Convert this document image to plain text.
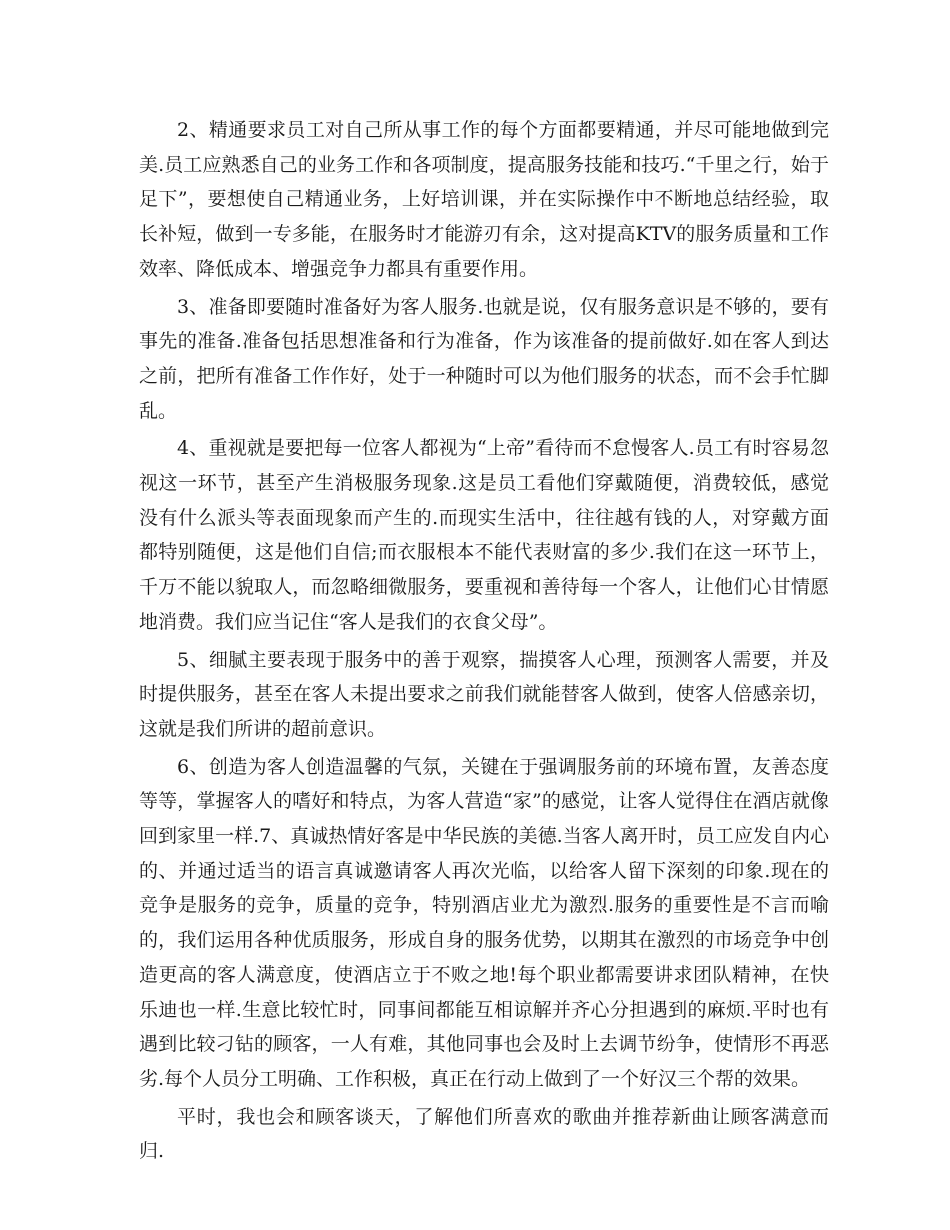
2、精通要求员工对自己所从事工作的每个方面都要精通，并尽可能地做到完美.员工应熟悉自己的业务工作和各项制度，提高服务技能和技巧.“千里之行，始于足下”，要想使自己精通业务，上好培训课，并在实际操作中不断地总结经验，取长补短，做到一专多能，在服务时才能游刃有余，这对提高KTV的服务质量和工作效率、降低成本、增强竞争力都具有重要作用。

3、准备即要随时准备好为客人服务.也就是说，仅有服务意识是不够的，要有事先的准备.准备包括思想准备和行为准备，作为该准备的提前做好.如在客人到达之前，把所有准备工作作好，处于一种随时可以为他们服务的状态，而不会手忙脚乱。

4、重视就是要把每一位客人都视为“上帝”看待而不怠慢客人.员工有时容易忽视这一环节，甚至产生消极服务现象.这是员工看他们穿戴随便，消费较低，感觉没有什么派头等表面现象而产生的.而现实生活中，往往越有钱的人，对穿戴方面都特别随便，这是他们自信;而衣服根本不能代表财富的多少.我们在这一环节上，千万不能以貌取人，而忽略细微服务，要重视和善待每一个客人，让他们心甘情愿地消费。我们应当记住“客人是我们的衣食父母”。

5、细腻主要表现于服务中的善于观察，揣摸客人心理，预测客人需要，并及时提供服务，甚至在客人未提出要求之前我们就能替客人做到，使客人倍感亲切，这就是我们所讲的超前意识。

6、创造为客人创造温馨的气氛，关键在于强调服务前的环境布置，友善态度等等，掌握客人的嗜好和特点，为客人营造“家”的感觉，让客人觉得住在酒店就像回到家里一样.7、真诚热情好客是中华民族的美德.当客人离开时，员工应发自内心的、并通过适当的语言真诚邀请客人再次光临，以给客人留下深刻的印象.现在的竞争是服务的竞争，质量的竞争，特别酒店业尤为激烈.服务的重要性是不言而喻的，我们运用各种优质服务，形成自身的服务优势，以期其在激烈的市场竞争中创造更高的客人满意度，使酒店立于不败之地!每个职业都需要讲求团队精神，在快乐迪也一样.生意比较忙时，同事间都能互相谅解并齐心分担遇到的麻烦.平时也有遇到比较刁钻的顾客，一人有难，其他同事也会及时上去调节纷争，使情形不再恶劣.每个人员分工明确、工作积极，真正在行动上做到了一个好汉三个帮的效果。

平时，我也会和顾客谈天，了解他们所喜欢的歌曲并推荐新曲让顾客满意而归.
